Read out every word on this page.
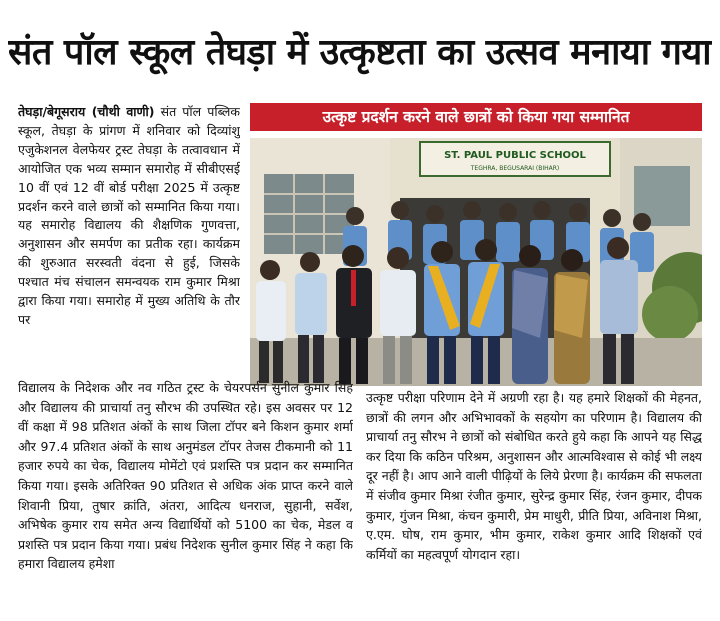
संत पॉल स्कूल तेघड़ा में उत्कृष्टता का उत्सव मनाया गया
तेघड़ा/बेगूसराय (चौथी वाणी) संत पॉल पब्लिक स्कूल, तेघड़ा के प्रांगण में शनिवार को दिव्यांशु एजुकेशनल वेलफेयर ट्रस्ट तेघड़ा के तत्वावधान में आयोजित एक भव्य सम्मान समारोह में सीबीएसई 10 वीं एवं 12 वीं बोर्ड परीक्षा 2025 में उत्कृष्ट प्रदर्शन करने वाले छात्रों को सम्मानित किया गया। यह समारोह विद्यालय की शैक्षणिक गुणवत्ता, अनुशासन और समर्पण का प्रतीक रहा। कार्यक्रम की शुरुआत सरस्वती वंदना से हुई, जिसके पश्चात मंच संचालन समन्वयक राम कुमार मिश्रा द्वारा किया गया। समारोह में मुख्य अतिथि के तौर पर
उत्कृष्ट प्रदर्शन करने वाले छात्रों को किया गया सम्मानित
ST. PAUL PUBLIC SCHOOL
TEGHRA, BEGUSARAI (BIHAR)
विद्यालय के निदेशक और नव गठित ट्रस्ट के चेयरपर्सन सुनील कुमार सिंह और विद्यालय की प्राचार्या तनु सौरभ की उपस्थित रहे। इस अवसर पर 12 वीं कक्षा में 98 प्रतिशत अंकों के साथ जिला टॉपर बने किशन कुमार शर्मा और 97.4 प्रतिशत अंकों के साथ अनुमंडल टॉपर तेजस टीकमानी को 11 हजार रुपये का चेक, विद्यालय मोमेंटो एवं प्रशस्ति पत्र प्रदान कर सम्मानित किया गया। इसके अतिरिक्त 90 प्रतिशत से अधिक अंक प्राप्त करने वाले शिवानी प्रिया, तुषार क्रांति, अंतरा, आदित्य धनराज, सुहानी, सर्वेश, अभिषेक कुमार राय समेत अन्य विद्यार्थियों को 5100 का चेक, मेडल व प्रशस्ति पत्र प्रदान किया गया। प्रबंध निदेशक सुनील कुमार सिंह ने कहा कि हमारा विद्यालय हमेशा
उत्कृष्ट परीक्षा परिणाम देने में अग्रणी रहा है। यह हमारे शिक्षकों की मेहनत, छात्रों की लगन और अभिभावकों के सहयोग का परिणाम है। विद्यालय की प्राचार्या तनु सौरभ ने छात्रों को संबोधित करते हुये कहा कि आपने यह सिद्ध कर दिया कि कठिन परिश्रम, अनुशासन और आत्मविश्वास से कोई भी लक्ष्य दूर नहीं है। आप आने वाली पीढ़ियों के लिये प्रेरणा है। कार्यक्रम की सफलता में संजीव कुमार मिश्रा रंजीत कुमार, सुरेन्द्र कुमार सिंह, रंजन कुमार, दीपक कुमार, गुंजन मिश्रा, कंचन कुमारी, प्रेम माधुरी, प्रीति प्रिया, अविनाश मिश्रा, ए.एम. घोष, राम कुमार, भीम कुमार, राकेश कुमार आदि शिक्षकों एवं कर्मियों का महत्वपूर्ण योगदान रहा।
